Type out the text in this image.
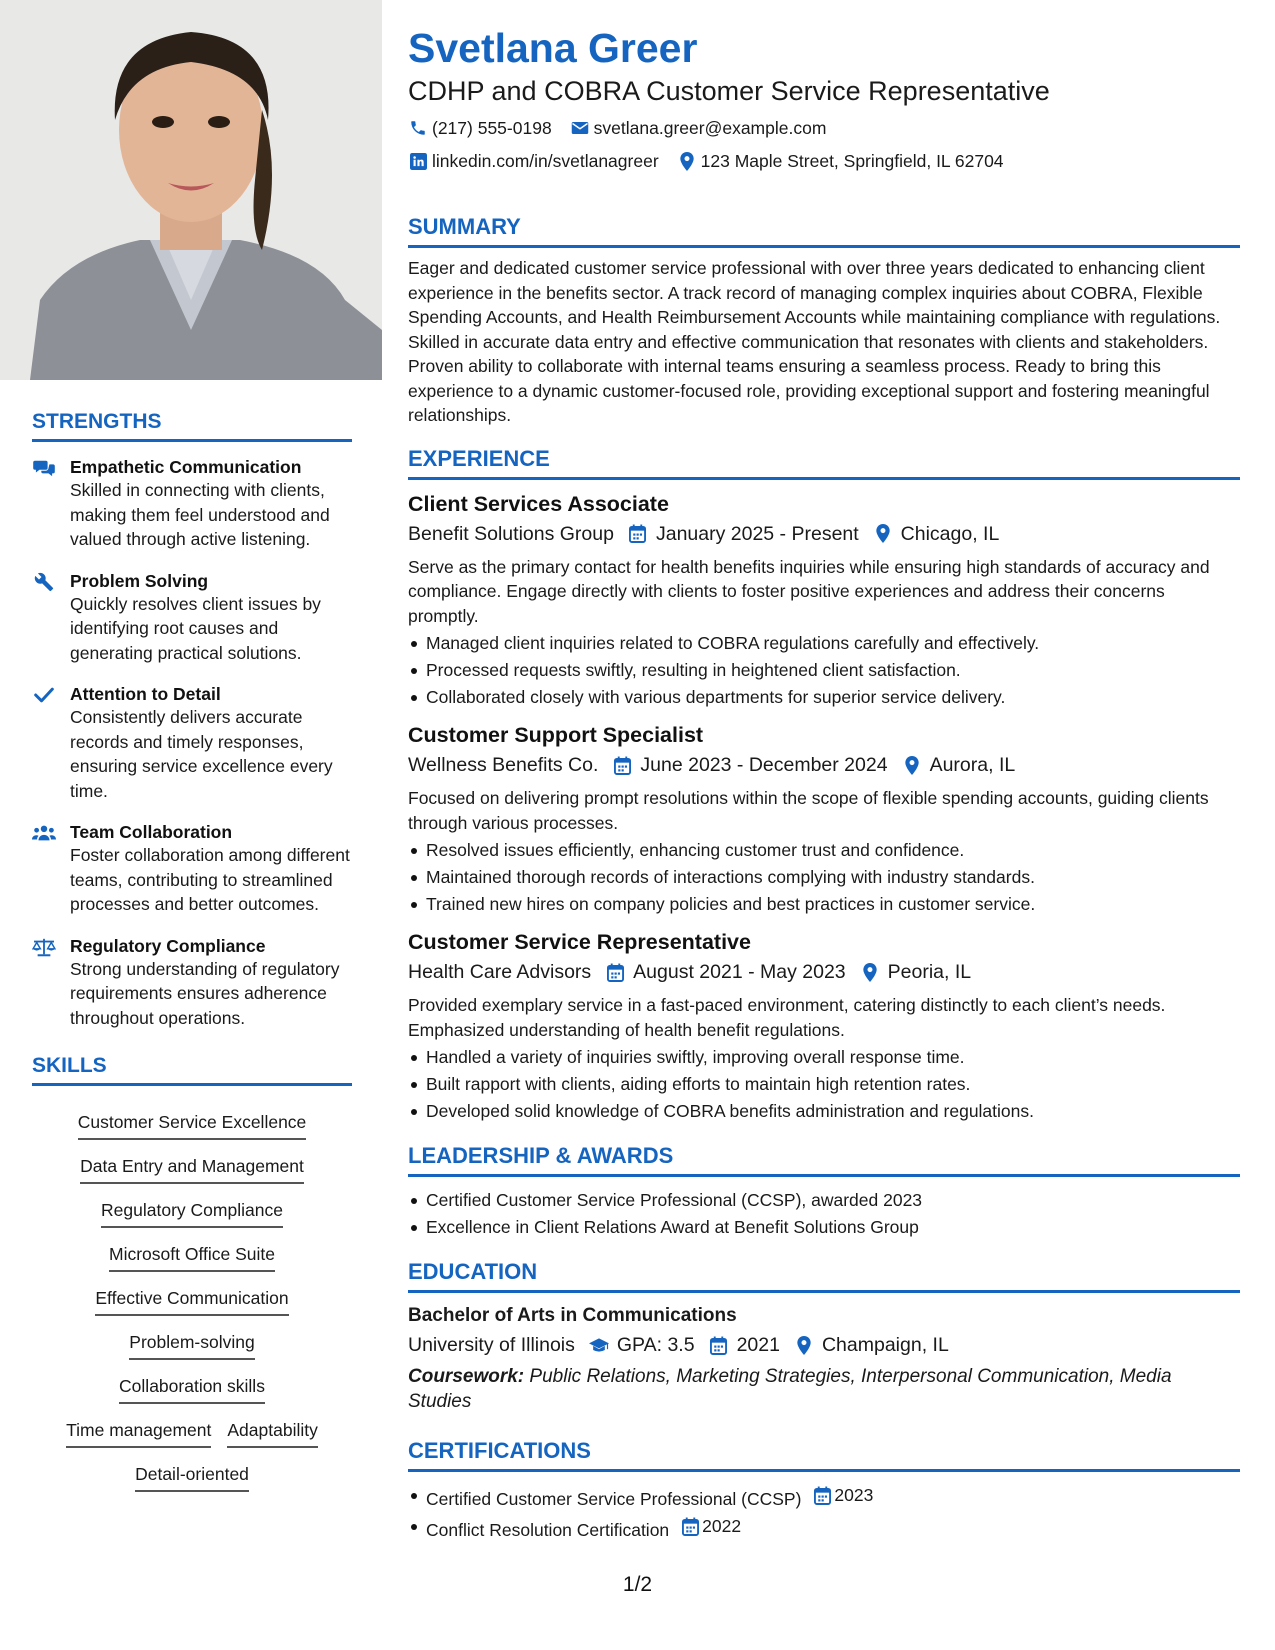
STRENGTHS
Empathetic Communication
Skilled in connecting with clients, making them feel understood and valued through active listening.
Problem Solving
Quickly resolves client issues by identifying root causes and generating practical solutions.
Attention to Detail
Consistently delivers accurate records and timely responses, ensuring service excellence every time.
Team Collaboration
Foster collaboration among different teams, contributing to streamlined processes and better outcomes.
Regulatory Compliance
Strong understanding of regulatory requirements ensures adherence throughout operations.
SKILLS
Customer Service Excellence
Data Entry and Management
Regulatory Compliance
Microsoft Office Suite
Effective Communication
Problem-solving
Collaboration skills
Time management Adaptability
Detail-oriented
Svetlana Greer
CDHP and COBRA Customer Service Representative
(217) 555-0198 svetlana.greer@example.com
linkedin.com/in/svetlanagreer 123 Maple Street, Springfield, IL 62704
SUMMARY
Eager and dedicated customer service professional with over three years dedicated to enhancing client experience in the benefits sector. A track record of managing complex inquiries about COBRA, Flexible Spending Accounts, and Health Reimbursement Accounts while maintaining compliance with regulations. Skilled in accurate data entry and effective communication that resonates with clients and stakeholders. Proven ability to collaborate with internal teams ensuring a seamless process. Ready to bring this experience to a dynamic customer-focused role, providing exceptional support and fostering meaningful relationships.
EXPERIENCE
Client Services Associate
Benefit Solutions Group January 2025 - Present Chicago, IL
Serve as the primary contact for health benefits inquiries while ensuring high standards of accuracy and compliance. Engage directly with clients to foster positive experiences and address their concerns promptly.
Managed client inquiries related to COBRA regulations carefully and effectively.
Processed requests swiftly, resulting in heightened client satisfaction.
Collaborated closely with various departments for superior service delivery.
Customer Support Specialist
Wellness Benefits Co. June 2023 - December 2024 Aurora, IL
Focused on delivering prompt resolutions within the scope of flexible spending accounts, guiding clients through various processes.
Resolved issues efficiently, enhancing customer trust and confidence.
Maintained thorough records of interactions complying with industry standards.
Trained new hires on company policies and best practices in customer service.
Customer Service Representative
Health Care Advisors August 2021 - May 2023 Peoria, IL
Provided exemplary service in a fast-paced environment, catering distinctly to each client’s needs. Emphasized understanding of health benefit regulations.
Handled a variety of inquiries swiftly, improving overall response time.
Built rapport with clients, aiding efforts to maintain high retention rates.
Developed solid knowledge of COBRA benefits administration and regulations.
LEADERSHIP & AWARDS
Certified Customer Service Professional (CCSP), awarded 2023
Excellence in Client Relations Award at Benefit Solutions Group
EDUCATION
Bachelor of Arts in Communications
University of Illinois GPA: 3.5 2021 Champaign, IL
Coursework: Public Relations, Marketing Strategies, Interpersonal Communication, Media Studies
CERTIFICATIONS
Certified Customer Service Professional (CCSP) 2023
Conflict Resolution Certification 2022
1/2
